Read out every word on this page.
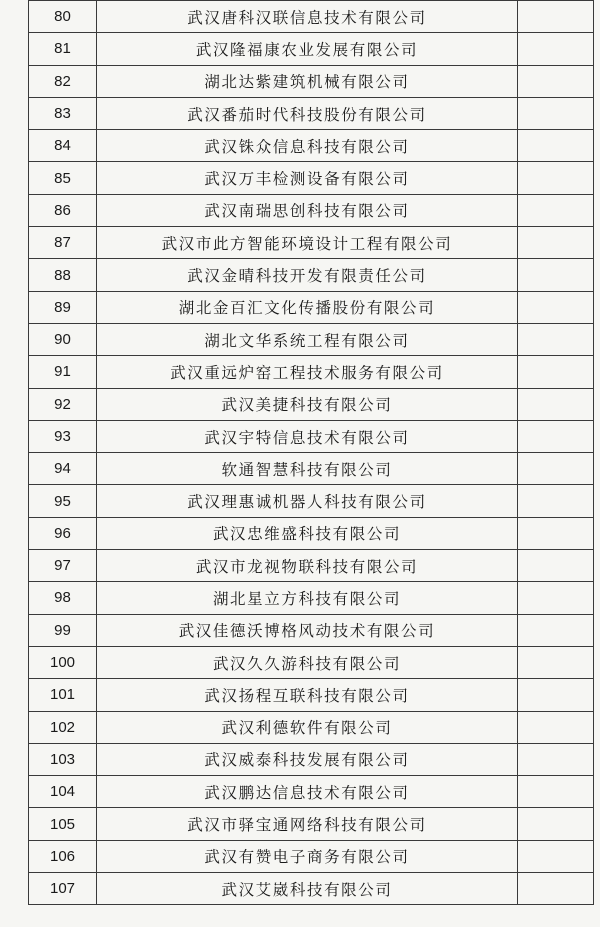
80	武汉唐科汉联信息技术有限公司	
81	武汉隆福康农业发展有限公司	
82	湖北达紫建筑机械有限公司	
83	武汉番茄时代科技股份有限公司	
84	武汉铢众信息科技有限公司	
85	武汉万丰检测设备有限公司	
86	武汉南瑞思创科技有限公司	
87	武汉市此方智能环境设计工程有限公司	
88	武汉金晴科技开发有限责任公司	
89	湖北金百汇文化传播股份有限公司	
90	湖北文华系统工程有限公司	
91	武汉重远炉窑工程技术服务有限公司	
92	武汉美捷科技有限公司	
93	武汉宇特信息技术有限公司	
94	软通智慧科技有限公司	
95	武汉理惠诚机器人科技有限公司	
96	武汉忠维盛科技有限公司	
97	武汉市龙视物联科技有限公司	
98	湖北星立方科技有限公司	
99	武汉佳德沃博格风动技术有限公司	
100	武汉久久游科技有限公司	
101	武汉扬程互联科技有限公司	
102	武汉利德软件有限公司	
103	武汉威泰科技发展有限公司	
104	武汉鹏达信息技术有限公司	
105	武汉市驿宝通网络科技有限公司	
106	武汉有赞电子商务有限公司	
107	武汉艾崴科技有限公司	
